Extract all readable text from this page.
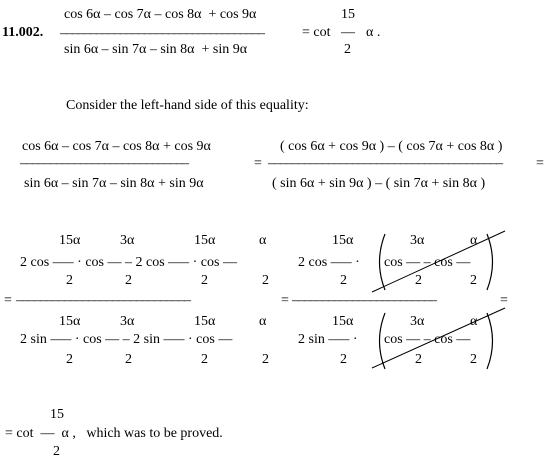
11.002.
cos 6α – cos 7α – cos 8α  + cos 9α
––––––––––––––––––––––––––––––––––
sin 6α – sin 7α – sin 8α  + sin 9α
= cot
15
–– α .
2
Consider the left-hand side of this equality:
cos 6α – cos 7α – cos 8α + cos 9α
––––––––––––––––––––––––––––
sin 6α – sin 7α – sin 8α + sin 9α
=
( cos 6α + cos 9α ) – ( cos 7α + cos 8α )
–––––––––––––––––––––––––––––––––––––––
( sin 6α + sin 9α ) – ( sin 7α + sin 8α )
=
15α	3α	15α	α
2 cos ––– · cos –– – 2 cos ––– · cos ––
2	2	2	2
= –––––––––––––––––––––––––––––	= ––––––––––––––––––––––––	=
15α	3α	15α	α
2 sin ––– · cos –– – 2 sin ––– · cos ––
2	2	2	2
15α
2 cos ––– ·
2
3α	α
cos –– – cos ––
2	2
15α
2 sin ––– ·
2
3α	α
cos –– – cos ––
2	2
15
= cot  ––  α ,   which was to be proved.
2
